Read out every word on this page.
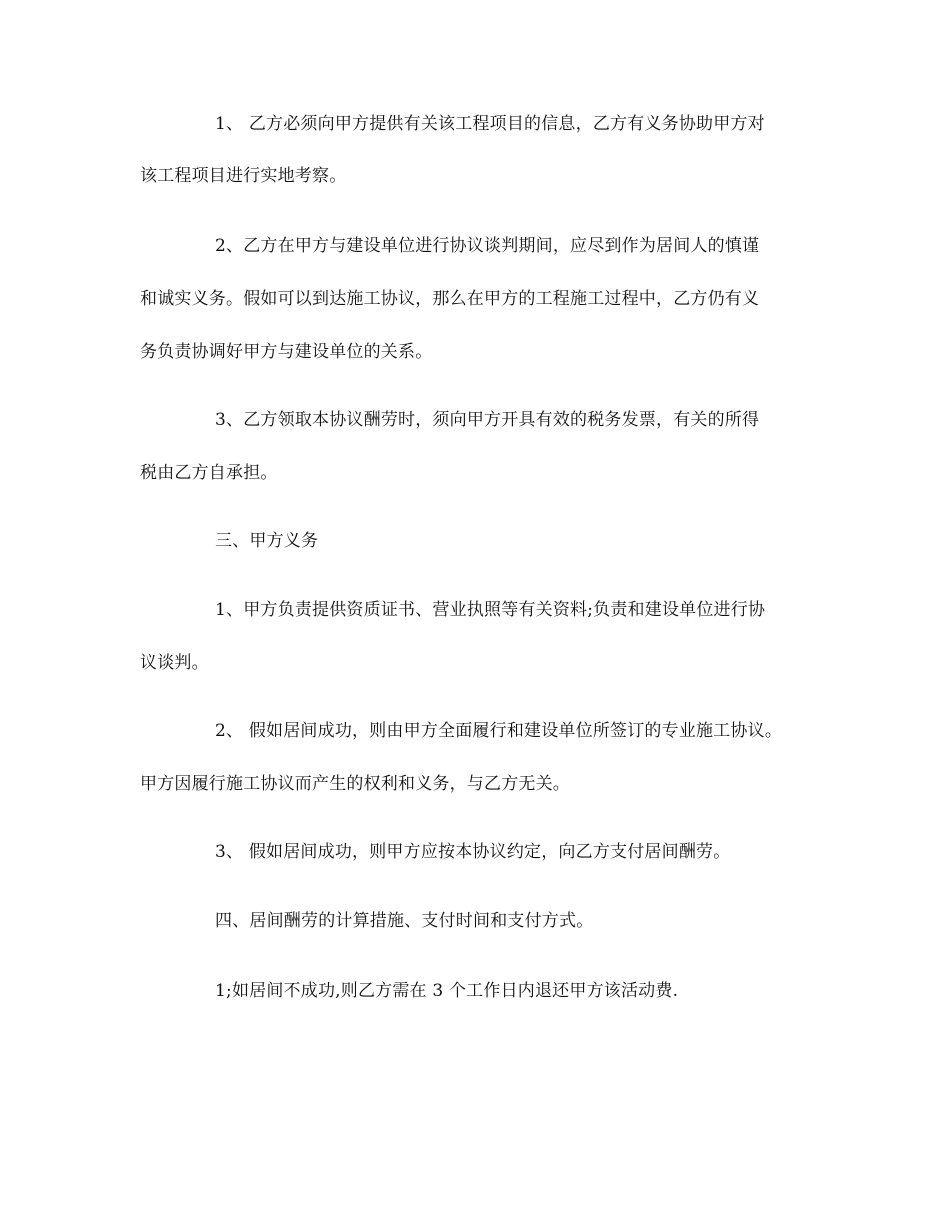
1、 乙方必须向甲方提供有关该工程项目的信息，乙方有义务协助甲方对
该工程项目进行实地考察。
2、乙方在甲方与建设单位进行协议谈判期间，应尽到作为居间人的慎谨
和诚实义务。假如可以到达施工协议，那么在甲方的工程施工过程中，乙方仍有义
务负责协调好甲方与建设单位的关系。
3、乙方领取本协议酬劳时，须向甲方开具有效的税务发票，有关的所得
税由乙方自承担。
三、甲方义务
1、甲方负责提供资质证书、营业执照等有关资料;负责和建设单位进行协
议谈判。
2、 假如居间成功，则由甲方全面履行和建设单位所签订的专业施工协议。
甲方因履行施工协议而产生的权利和义务，与乙方无关。
3、 假如居间成功，则甲方应按本协议约定，向乙方支付居间酬劳。
四、居间酬劳的计算措施、支付时间和支付方式。
1;如居间不成功,则乙方需在 3 个工作日内退还甲方该活动费.
